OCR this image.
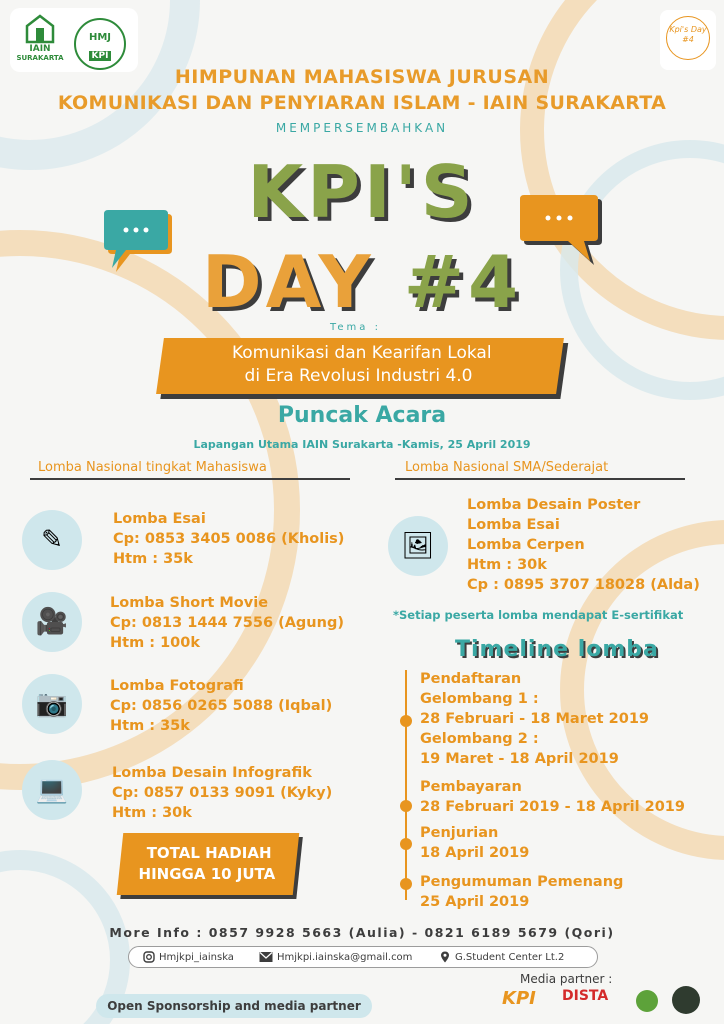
IAIN
SURAKARTA
HMJ
KPI
Kpi's Day #4
HIMPUNAN MAHASISWA JURUSAN
KOMUNIKASI DAN PENYIARAN ISLAM - IAIN SURAKARTA
MEMPERSEMBAHKAN
KPI'S
DAY #4
Tema :
Komunikasi dan Kearifan Lokal
di Era Revolusi Industri 4.0
Puncak Acara
Lapangan Utama IAIN Surakarta -Kamis, 25 April 2019
Lomba Nasional tingkat Mahasiswa	Lomba Nasional SMA/Sederajat
✎
Lomba Esai
Cp: 0853 3405 0086 (Kholis)
Htm : 35k
🎥
Lomba Short Movie
Cp: 0813 1444 7556 (Agung)
Htm : 100k
📷
Lomba Fotografi
Cp: 0856 0265 5088 (Iqbal)
Htm : 35k
💻
Lomba Desain Infografik
Cp: 0857 0133 9091 (Kyky)
Htm : 30k
TOTAL HADIAH
HINGGA 10 JUTA
🖼
Lomba Desain Poster
Lomba Esai
Lomba Cerpen
Htm : 30k
Cp : 0895 3707 18028 (Alda)
*Setiap peserta lomba mendapat E-sertifikat
Timeline lomba
Pendaftaran
Gelombang 1 :
28 Februari - 18 Maret 2019
Gelombang 2 :
19 Maret - 18 April 2019
Pembayaran
28 Februari 2019 - 18 April 2019
Penjurian
18 April 2019
Pengumuman Pemenang
25 April 2019
More Info : 0857 9928 5663 (Aulia) - 0821 6189 5679 (Qori)
Hmjkpi_iainska	Hmjkpi.iainska@gmail.com	G.Student Center Lt.2
Open Sponsorship and media partner
Media partner :
KPI DISTA
